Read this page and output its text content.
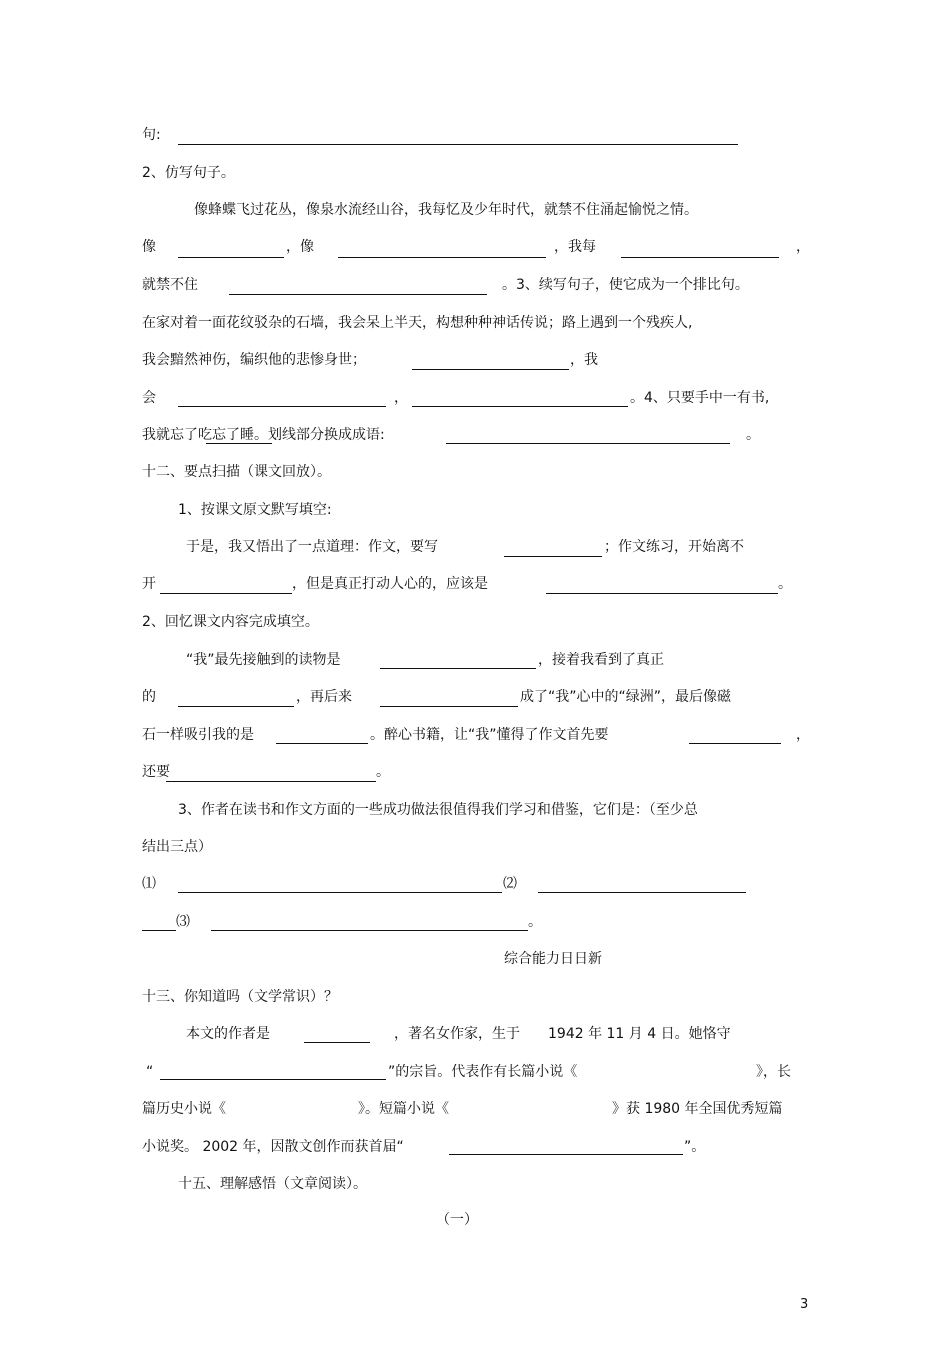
句:
2、仿写句子。
像蜂蝶飞过花丛，像泉水流经山谷，我每忆及少年时代，就禁不住涌起愉悦之情。
像	，像	，我每	，
就禁不住	。3、续写句子，使它成为一个排比句。
在家对着一面花纹驳杂的石墙，我会呆上半天，构想种种神话传说；路上遇到一个残疾人,
我会黯然神伤，编织他的悲惨身世；	，我
会	，	。4、只要手中一有书,
我就忘了吃忘了睡。划线部分换成成语:	。
十二、要点扫描（课文回放）。
1、按课文原文默写填空:
于是，我又悟出了一点道理：作文，要写	；作文练习，开始离不
开	，但是真正打动人心的，应该是	。
2、回忆课文内容完成填空。
“我”最先接触到的读物是	，接着我看到了真正
的	，再后来	成了“我”心中的“绿洲”，最后像磁
石一样吸引我的是	。醉心书籍，让“我”懂得了作文首先要	，
还要	。
3、作者在读书和作文方面的一些成功做法很值得我们学习和借鉴，它们是：（至少总
结出三点）
⑴	⑵
⑶	。
综合能力日日新
十三、你知道吗（文学常识）？
本文的作者是	，著名女作家，生于 1942 年 11 月 4 日。她恪守
“	”的宗旨。代表作有长篇小说《	》，长
篇历史小说《	》。短篇小说《	》获 1980 年全国优秀短篇
小说奖。 2002 年，因散文创作而获首届“	”。
十五、理解感悟（文章阅读）。
（一）
3
